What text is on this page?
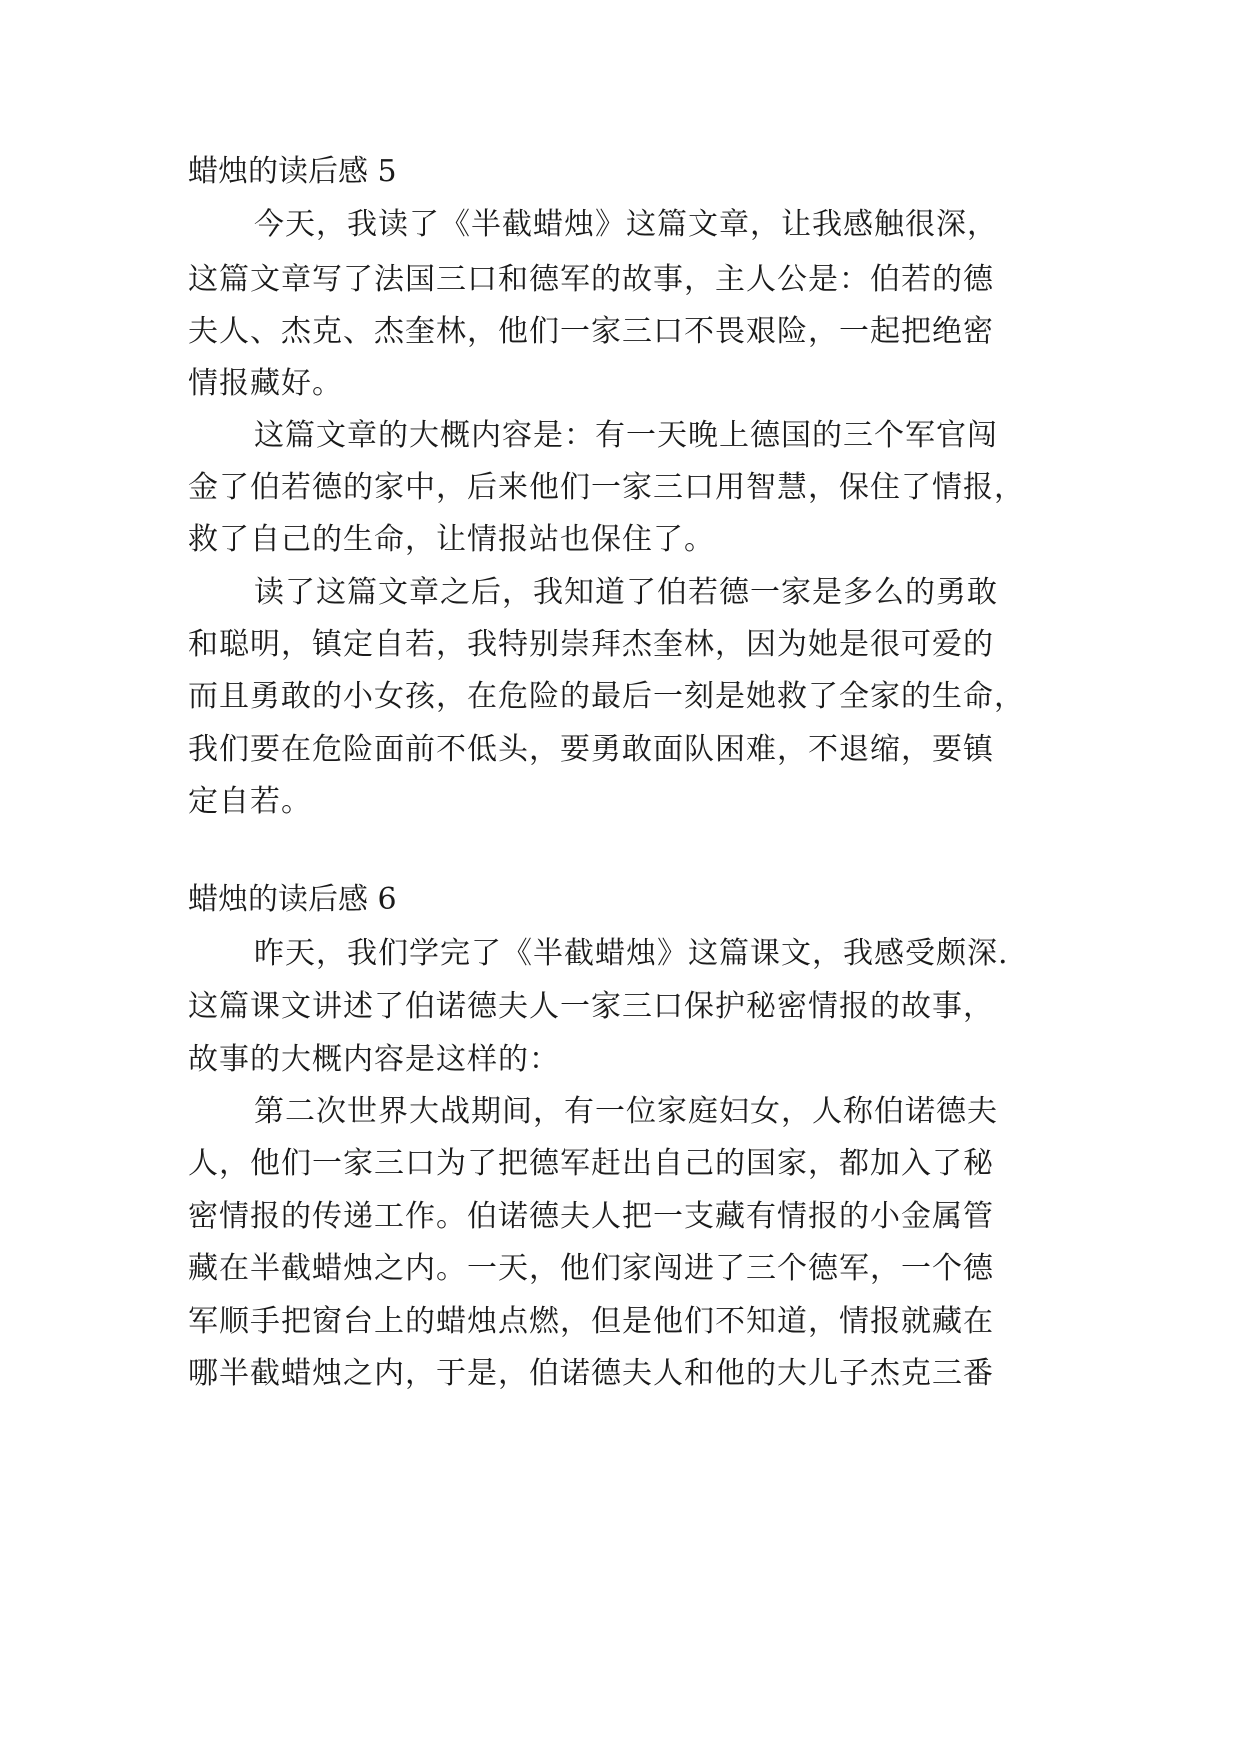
蜡烛的读后感 5

今天，我读了《半截蜡烛》这篇文章，让我感触很深，

这篇文章写了法国三口和德军的故事，主人公是：伯若的德

夫人、杰克、杰奎林，他们一家三口不畏艰险，一起把绝密

情报藏好。

这篇文章的大概内容是：有一天晚上德国的三个军官闯

金了伯若德的家中，后来他们一家三口用智慧，保住了情报，

救了自己的生命，让情报站也保住了。

读了这篇文章之后，我知道了伯若德一家是多么的勇敢

和聪明，镇定自若，我特别崇拜杰奎林，因为她是很可爱的

而且勇敢的小女孩，在危险的最后一刻是她救了全家的生命，

我们要在危险面前不低头，要勇敢面队困难，不退缩，要镇

定自若。

蜡烛的读后感 6

昨天，我们学完了《半截蜡烛》这篇课文，我感受颇深.

这篇课文讲述了伯诺德夫人一家三口保护秘密情报的故事，

故事的大概内容是这样的：

第二次世界大战期间，有一位家庭妇女，人称伯诺德夫

人，他们一家三口为了把德军赶出自己的国家，都加入了秘

密情报的传递工作。伯诺德夫人把一支藏有情报的小金属管

藏在半截蜡烛之内。一天，他们家闯进了三个德军，一个德

军顺手把窗台上的蜡烛点燃，但是他们不知道，情报就藏在

哪半截蜡烛之内，于是，伯诺德夫人和他的大儿子杰克三番
